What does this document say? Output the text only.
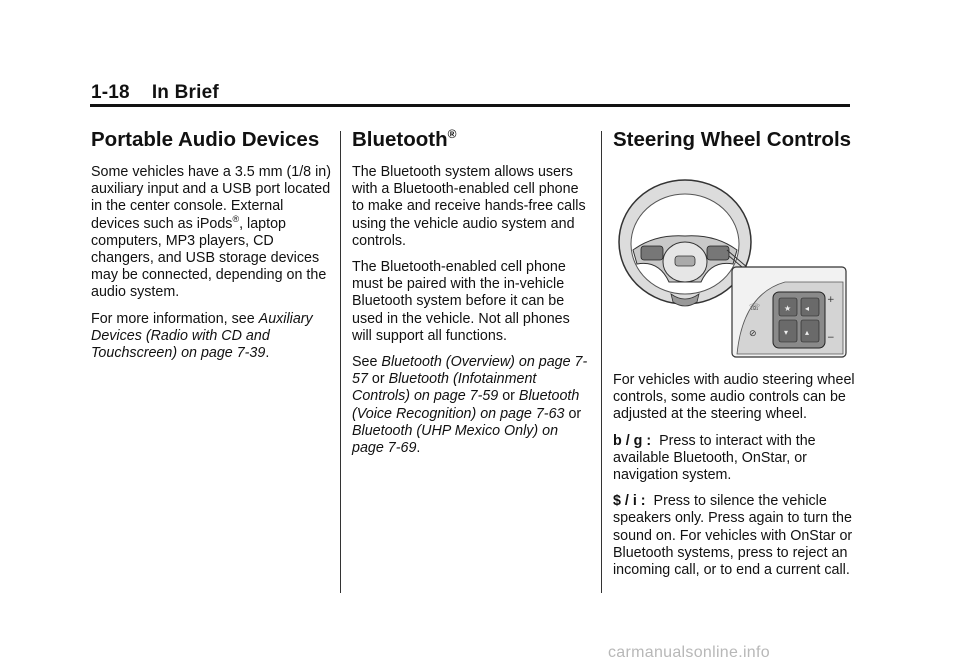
1-18 In Brief
Portable Audio Devices

Some vehicles have a 3.5 mm (1/8 in) auxiliary input and a USB port located in the center console. External devices such as iPods®, laptop computers, MP3 players, CD changers, and USB storage devices may be connected, depending on the audio system.

For more information, see Auxiliary Devices (Radio with CD and Touchscreen) on page 7-39.

Bluetooth®

The Bluetooth system allows users with a Bluetooth-enabled cell phone to make and receive hands-free calls using the vehicle audio system and controls.

The Bluetooth-enabled cell phone must be paired with the in-vehicle Bluetooth system before it can be used in the vehicle. Not all phones will support all functions.

See Bluetooth (Overview) on page 7-57 or Bluetooth (Infotainment Controls) on page 7-59 or Bluetooth (Voice Recognition) on page 7-63 or Bluetooth (UHP Mexico Only) on page 7-69.

Steering Wheel Controls
☏
⊘
+
−
★ ◂
▾ ▴

For vehicles with audio steering wheel controls, some audio controls can be adjusted at the steering wheel.

b / g : Press to interact with the available Bluetooth, OnStar, or navigation system.

$ / i : Press to silence the vehicle speakers only. Press again to turn the sound on. For vehicles with OnStar or Bluetooth systems, press to reject an incoming call, or to end a current call.

carmanualsonline.info
